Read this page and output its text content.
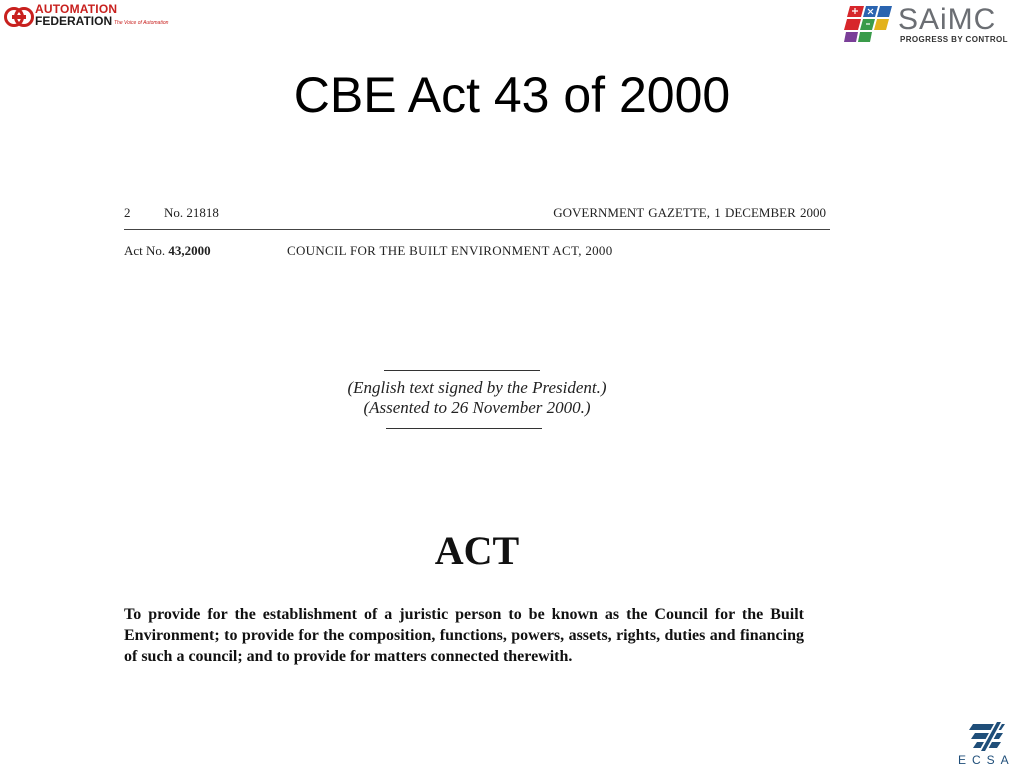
AUTOMATION
FEDERATION The Voice of Automation	SAiMC
PROGRESS BY CONTROL
CBE Act 43 of 2000
2	No. 21818	GOVERNMENT GAZETTE, 1 DECEMBER 2000
Act No. 43,2000	COUNCIL FOR THE BUILT ENVIRONMENT ACT, 2000
(English text signed by the President.)
(Assented to 26 November 2000.)
ACT
To provide for the establishment of a juristic person to be known as the Council for the Built Environment; to provide for the composition, functions, powers, assets, rights, duties and financing of such a council; and to provide for matters connected therewith.
ECSA
